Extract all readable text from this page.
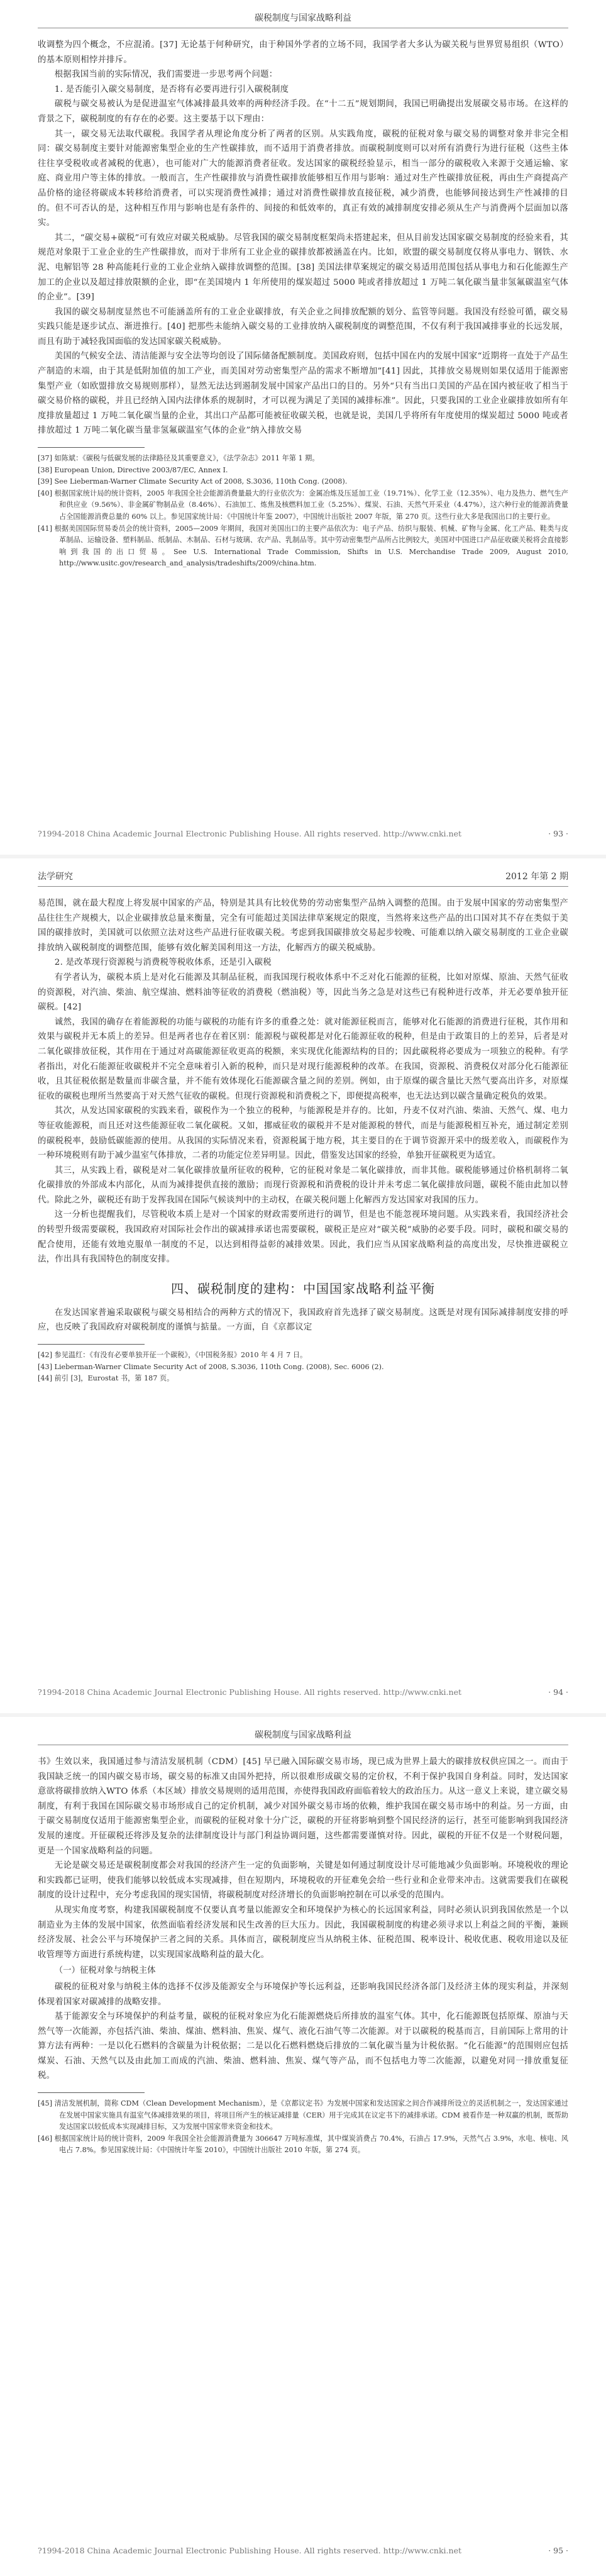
碳税制度与国家战略利益

收调整为四个概念，不应混淆。[37] 无论基于何种研究，由于种国外学者的立场不同，我国学者大多认为碳关税与世界贸易组织（WTO）的基本原则相悖并排斥。

根据我国当前的实际情况，我们需要进一步思考两个问题：

1. 是否能引入碳交易制度，是否将有必要再进行引入碳税制度

碳税与碳交易被认为是促进温室气体减排最具效率的两种经济手段。在“十二五”规划期间，我国已明确提出发展碳交易市场。在这样的背景之下，碳税制度的有存在的必要。这主要基于以下理由：

其一，碳交易无法取代碳税。我国学者从理论角度分析了两者的区别。从实践角度，碳税的征税对象与碳交易的调整对象并非完全相同：碳交易制度主要针对能源密集型企业的生产性碳排放，而不适用于消费者排放。而碳税制度则可以对所有消费行为进行征税（这些主体往往享受税收或者减税的优惠），也可能对广大的能源消费者征收。发达国家的碳税经验显示，相当一部分的碳税收入来源于交通运输、家庭、商业用户等主体的排放。一般而言，生产性碳排放与消费性碳排放能够相互作用与影响：通过对生产性碳排放征税，再由生产商提高产品价格的途径将碳成本转移给消费者，可以实现消费性减排；通过对消费性碳排放直接征税，减少消费，也能够间接达到生产性减排的目的。但不可否认的是，这种相互作用与影响也是有条件的、间接的和低效率的，真正有效的减排制度安排必须从生产与消费两个层面加以落实。

其二，“碳交易+碳税”可有效应对碳关税威胁。尽管我国的碳交易制度框架尚未搭建起来，但从目前发达国家碳交易制度的经验来看，其规范对象限于工业企业的生产性碳排放，而对于非所有工业企业的碳排放都被涵盖在内。比如，欧盟的碳交易制度仅将从事电力、钢铁、水泥、电解铝等 28 种高能耗行业的工业企业纳入碳排放调整的范围。[38] 美国法律草案规定的碳交易适用范围包括从事电力和石化能源生产加工的企业以及超过排放限额的企业，即“在美国境内 1 年所使用的煤炭超过 5000 吨或者排放超过 1 万吨二氧化碳当量非氢氟碳温室气体的企业”。[39]

我国的碳交易制度显然也不可能涵盖所有的工业企业碳排放，有关企业之间排放配额的划分、监管等问题。我国没有经验可循，碳交易实践只能是逐步试点、渐进推行。[40] 把那些未能纳入碳交易的工业排放纳入碳税制度的调整范围，不仅有利于我国减排事业的长远发展，而且有助于减轻我国面临的发达国家碳关税威胁。

美国的气候安全法、清洁能源与安全法等均创设了国际储备配额制度。美国政府则，包括中国在内的发展中国家“近期将一直处于产品生产制造的末端，由于其是低附加值的加工产业，而美国对劳动密集型产品的需求不断增加”[41] 因此，其排放交易规则如果仅适用于能源密集型产业（如欧盟排放交易规则那样），显然无法达到遏制发展中国家产品出口的目的。另外“只有当出口美国的产品在国内被征收了相当于碳交易价格的碳税，并且已经纳入国内法律体系的规制时，才可以视为满足了美国的减排标准”。因此，只要我国的工业企业碳排放如所有年度排放量超过 1 万吨二氧化碳当量的企业，其出口产品都可能被征收碳关税，也就是说，美国几乎将所有年度使用的煤炭超过 5000 吨或者排放超过 1 万吨二氧化碳当量非氢氟碳温室气体的企业”纳入排放交易

[37] 如陈斌：《碳税与低碳发展的法律路径及其重要意义》，《法学杂志》2011 年第 1 期。

[38] European Union, Directive 2003/87/EC, Annex I.

[39] See Lieberman-Warner Climate Security Act of 2008, S.3036, 110th Cong. (2008).

[40] 根据国家统计局的统计资料，2005 年我国全社会能源消费量最大的行业依次为：金属冶炼及压延加工业（19.71%）、化学工业（12.35%）、电力及热力、燃气生产和供应业（9.56%）、非金属矿物制品业（8.46%）、石油加工、炼焦及核燃料加工业（5.25%）、煤炭、石油、天然气开采业（4.47%），这六种行业的能源消费量占全国能源消费总量的 60% 以上。参见国家统计局：《中国统计年鉴 2007》，中国统计出版社 2007 年版，第 270 页。这些行业大多是我国出口的主要行业。

[41] 根据美国国际贸易委员会的统计资料，2005—2009 年期间，我国对美国出口的主要产品依次为：电子产品、纺织与服装、机械、矿物与金属、化工产品、鞋类与皮革制品、运输设备、塑料制品、纸制品、木制品、石材与玻璃、农产品、乳制品等。其中劳动密集型产品所占比例较大，美国对中国进口产品征收碳关税将会直接影响到我国的出口贸易。See U.S. International Trade Commission, Shifts in U.S. Merchandise Trade 2009, August 2010, http://www.usitc.gov/research_and_analysis/tradeshifts/2009/china.htm.

?1994-2018 China Academic Journal Electronic Publishing House. All rights reserved. http://www.cnki.net	· 93 ·
法学研究	2012 年第 2 期

易范围，就在最大程度上将发展中国家的产品，特别是其具有比较优势的劳动密集型产品纳入调整的范围。由于发展中国家的劳动密集型产品往往生产规模大，以企业碳排放总量来衡量，完全有可能超过美国法律草案规定的限度，当然将来这些产品的出口国对其不存在类似于美国的碳排放时，美国就可以依照立法对这些产品进行征收碳关税。考虑到我国碳排放交易起步较晚、可能难以纳入碳交易制度的工业企业碳排放纳入碳税制度的调整范围，能够有效化解美国利用这一方法，化解西方的碳关税威胁。

2. 是改革现行资源税与消费税等税收体系，还是引入碳税

有学者认为，碳税本质上是对化石能源及其制品征税，而我国现行税收体系中不乏对化石能源的征税，比如对原煤、原油、天然气征收的资源税，对汽油、柴油、航空煤油、燃料油等征收的消费税（燃油税）等，因此当务之急是对这些已有税种进行改革，并无必要单独开征碳税。[42]

诚然，我国的确存在着能源税的功能与碳税的功能有许多的重叠之处：就对能源征税而言，能够对化石能源的消费进行征税，其作用和效果与碳税并无本质上的差异。但是两者也存在着区别：能源税与碳税都是对化石能源征收的税种，但是由于政策目的上的差异，后者是对二氧化碳排放征税，其作用在于通过对高碳能源征收更高的税额，来实现优化能源结构的目的；因此碳税将必要成为一项独立的税种。有学者指出，对化石能源征收碳税并不完全意味着引入新的税种，而只是对现行能源税种的改革。在我国，资源税、消费税仅对部分化石能源征收，且其征税依据是数量而非碳含量，并不能有效体现化石能源碳含量之间的差别。例如，由于原煤的碳含量比天然气要高出许多，对原煤征收的碳税也理所当然要高于对天然气征收的碳税。但现行资源税和消费税之下，即便提高税率，也无法达到以碳含量确定税负的效果。

其次，从发达国家碳税的实践来看，碳税作为一个独立的税种，与能源税是并存的。比如，丹麦不仅对汽油、柴油、天然气、煤、电力等征收能源税，而且还对这些能源征收二氧化碳税。又如，挪威征收的碳税并不是对能源税的替代，而是与能源税相互补充，通过制定差别的碳税税率，鼓励低碳能源的使用。从我国的实际情况来看，资源税属于地方税，其主要目的在于调节资源开采中的级差收入，而碳税作为一种环境税则有助于减少温室气体排放，二者的功能定位差异明显。因此，借鉴发达国家的经验，单独开征碳税更为适宜。

其三，从实践上看，碳税是对二氧化碳排放量所征收的税种，它的征税对象是二氧化碳排放，而非其他。碳税能够通过价格机制将二氧化碳排放的外部成本内部化，从而为减排提供直接的激励；而现行资源税和消费税的设计并未考虑二氧化碳排放问题，碳税不能由此加以替代。除此之外，碳税还有助于发挥我国在国际气候谈判中的主动权，在碳关税问题上化解西方发达国家对我国的压力。

这一分析也提醒我们，尽管税收本质上是对一个国家的财政需要所进行的调节，但是也不能忽视环境问题。从实践来看，我国经济社会的转型升级需要碳税，我国政府对国际社会作出的碳减排承诺也需要碳税，碳税正是应对“碳关税”威胁的必要手段。同时，碳税和碳交易的配合使用，还能有效地克服单一制度的不足，以达到相得益彰的减排效果。因此，我们应当从国家战略利益的高度出发，尽快推进碳税立法，作出具有我国特色的制度安排。

四、碳税制度的建构：中国国家战略利益平衡

在发达国家普遍采取碳税与碳交易相结合的两种方式的情况下，我国政府首先选择了碳交易制度。这既是对现有国际减排制度安排的呼应，也反映了我国政府对碳税制度的谨慎与掂量。一方面，自《京都议定

[42] 参见温红：《有没有必要单独开征一个碳税》，《中国税务报》2010 年 4 月 7 日。

[43] Lieberman-Warner Climate Security Act of 2008, S.3036, 110th Cong. (2008), Sec. 6006 (2).

[44] 前引 [3]，Eurostat 书，第 187 页。

?1994-2018 China Academic Journal Electronic Publishing House. All rights reserved. http://www.cnki.net	· 94 ·
碳税制度与国家战略利益

书》生效以来，我国通过参与清洁发展机制（CDM）[45] 早已融入国际碳交易市场，现已成为世界上最大的碳排放权供应国之一。而由于我国缺乏统一的国内碳交易市场，碳交易的标准又由国外把持，所以很难形成碳交易的定价权，不利于保护我国自身利益。同时，发达国家意欲将碳排放纳入WTO 体系（本区域）排放交易规则的适用范围，亦使得我国政府面临着较大的政治压力。从这一意义上来说，建立碳交易制度，有利于我国在国际碳交易市场形成自己的定价机制，减少对国外碳交易市场的依赖，维护我国在碳交易市场中的利益。另一方面，由于碳交易制度仅适用于能源密集型企业，而碳税的征税对象十分广泛，碳税的开征将影响到整个国民经济的运行，甚至可能影响到我国经济发展的速度。开征碳税还将涉及复杂的法律制度设计与部门利益协调问题，这些都需要谨慎对待。因此，碳税的开征不仅是一个财税问题，更是一个国家战略利益的问题。

无论是碳交易还是碳税制度都会对我国的经济产生一定的负面影响，关键是如何通过制度设计尽可能地减少负面影响。环境税收的理论和实践都已证明，使我们能够以较低成本实现减排，但在短期内，环境税收的开征难免会给一些行业和企业带来冲击。这就需要我们在碳税制度的设计过程中，充分考虑我国的现实国情，将碳税制度对经济增长的负面影响控制在可以承受的范围内。

从现实角度考察，构建我国碳税制度不仅要认真考量以能源安全和环境保护为核心的长远国家利益，同时必须认识到我国依然是一个以制造业为主体的发展中国家，依然面临着经济发展和民生改善的巨大压力。因此，我国碳税制度的构建必须寻求以上利益之间的平衡，兼顾经济发展、社会公平与环境保护三者之间的关系。具体而言，碳税制度应当从纳税主体、征税范围、税率设计、税收优惠、税收用途以及征收管理等方面进行系统构建，以实现国家战略利益的最大化。

（一）征税对象与纳税主体

碳税的征税对象与纳税主体的选择不仅涉及能源安全与环境保护等长远利益，还影响我国民经济各部门及经济主体的现实利益，并深刻体现着国家对碳减排的战略安排。

基于能源安全与环境保护的利益考量，碳税的征税对象应为化石能源燃烧后所排放的温室气体。其中，化石能源既包括原煤、原油与天然气等一次能源，亦包括汽油、柴油、煤油、燃料油、焦炭、煤气、液化石油气等二次能源。对于以碳税的税基而言，目前国际上常用的计算方法有两种：一是以化石燃料的含碳量为计税依据；二是以化石燃料燃烧后排放的二氧化碳当量为计税依据。“化石能源”的范围则应包括煤炭、石油、天然气以及由此加工而成的汽油、柴油、燃料油、焦炭、煤气等产品，而不包括电力等二次能源，以避免对同一排放重复征税。

[45] 清洁发展机制，简称 CDM（Clean Development Mechanism），是《京都议定书》为发展中国家和发达国家之间合作减排所设立的灵活机制之一，发达国家通过在发展中国家实施具有温室气体减排效果的项目，将项目所产生的核证减排量（CER）用于完成其在议定书下的减排承诺。CDM 被看作是一种双赢的机制，既帮助发达国家以较低成本实现减排目标，又为发展中国家带来资金和技术。

[46] 根据国家统计局的统计资料，2009 年我国全社会能源消费量为 306647 万吨标准煤，其中煤炭消费占 70.4%，石油占 17.9%，天然气占 3.9%，水电、核电、风电占 7.8%。参见国家统计局：《中国统计年鉴 2010》，中国统计出版社 2010 年版，第 274 页。

?1994-2018 China Academic Journal Electronic Publishing House. All rights reserved. http://www.cnki.net	· 95 ·
